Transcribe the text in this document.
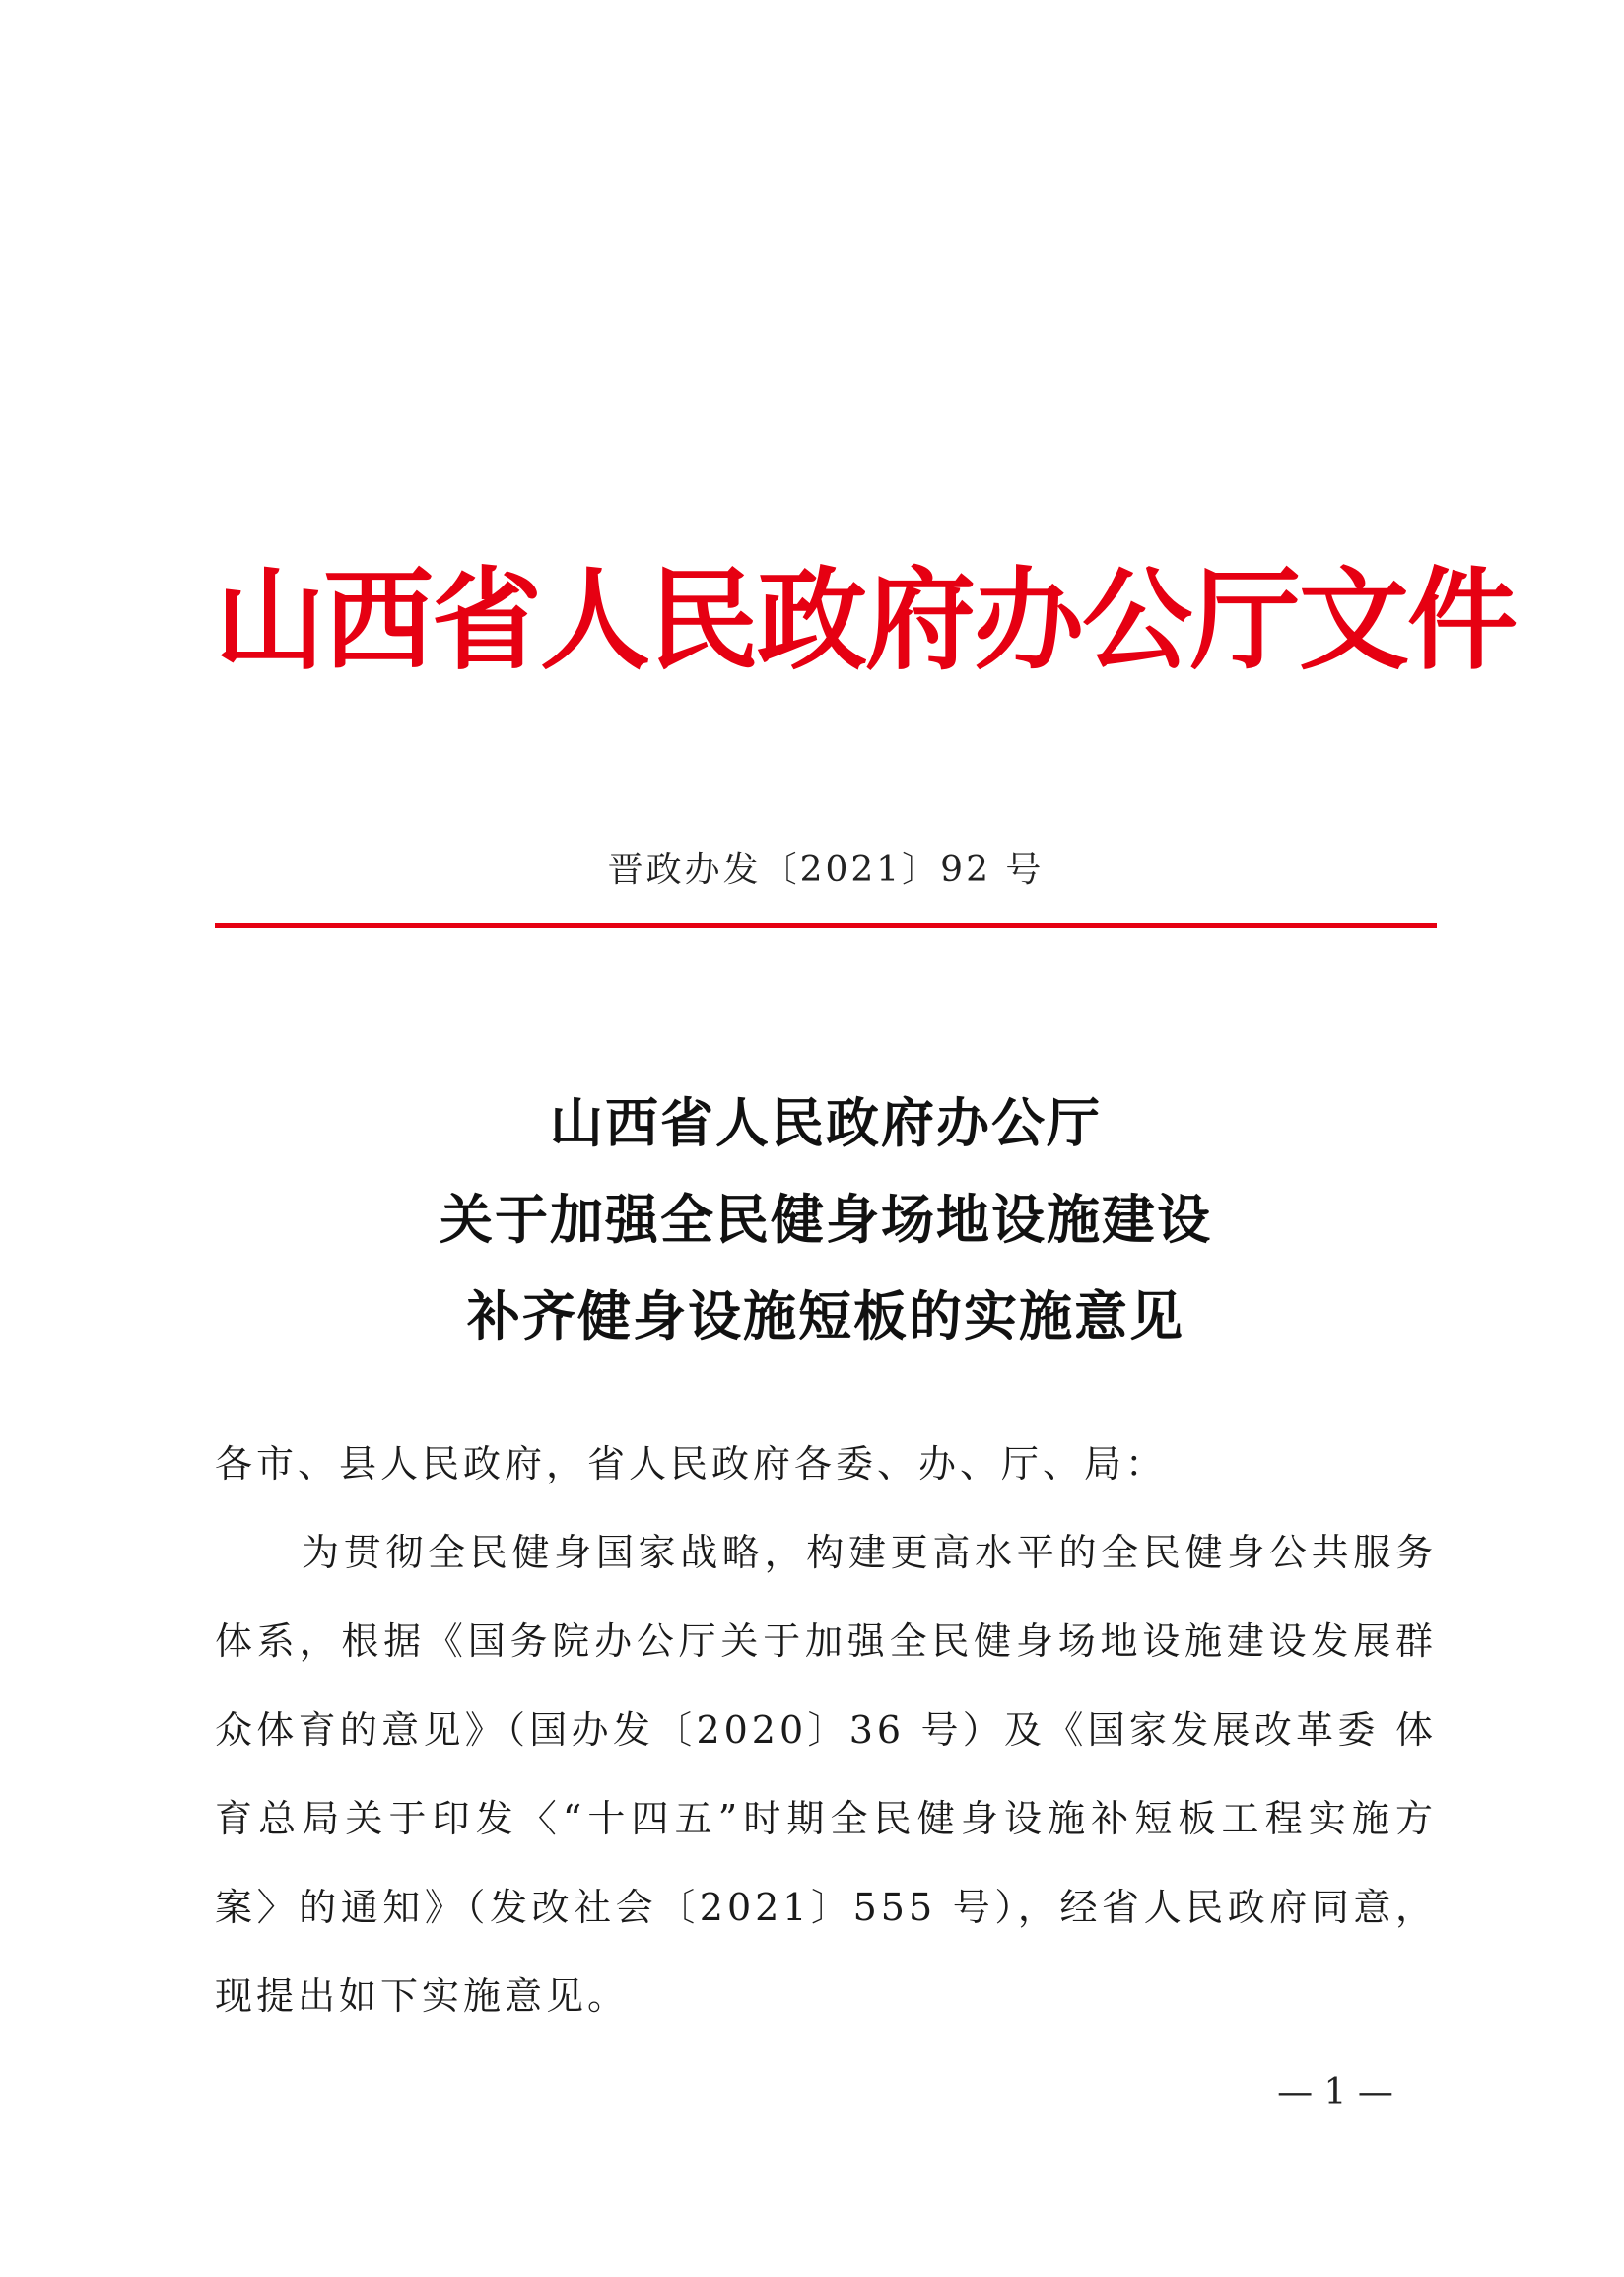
山西省人民政府办公厅文件
晋政办发〔2021〕92 号
山西省人民政府办公厅
关于加强全民健身场地设施建设
补齐健身设施短板的实施意见
各市、县人民政府，省人民政府各委、办、厅、局：
为贯彻全民健身国家战略，构建更高水平的全民健身公共服务体系，根据《国务院办公厅关于加强全民健身场地设施建设发展群众体育的意见》（国办发〔2020〕36 号）及《国家发展改革委 体育总局关于印发〈“十四五”时期全民健身设施补短板工程实施方案〉的通知》（发改社会〔2021〕555 号），经省人民政府同意，现提出如下实施意见。
— 1 —
